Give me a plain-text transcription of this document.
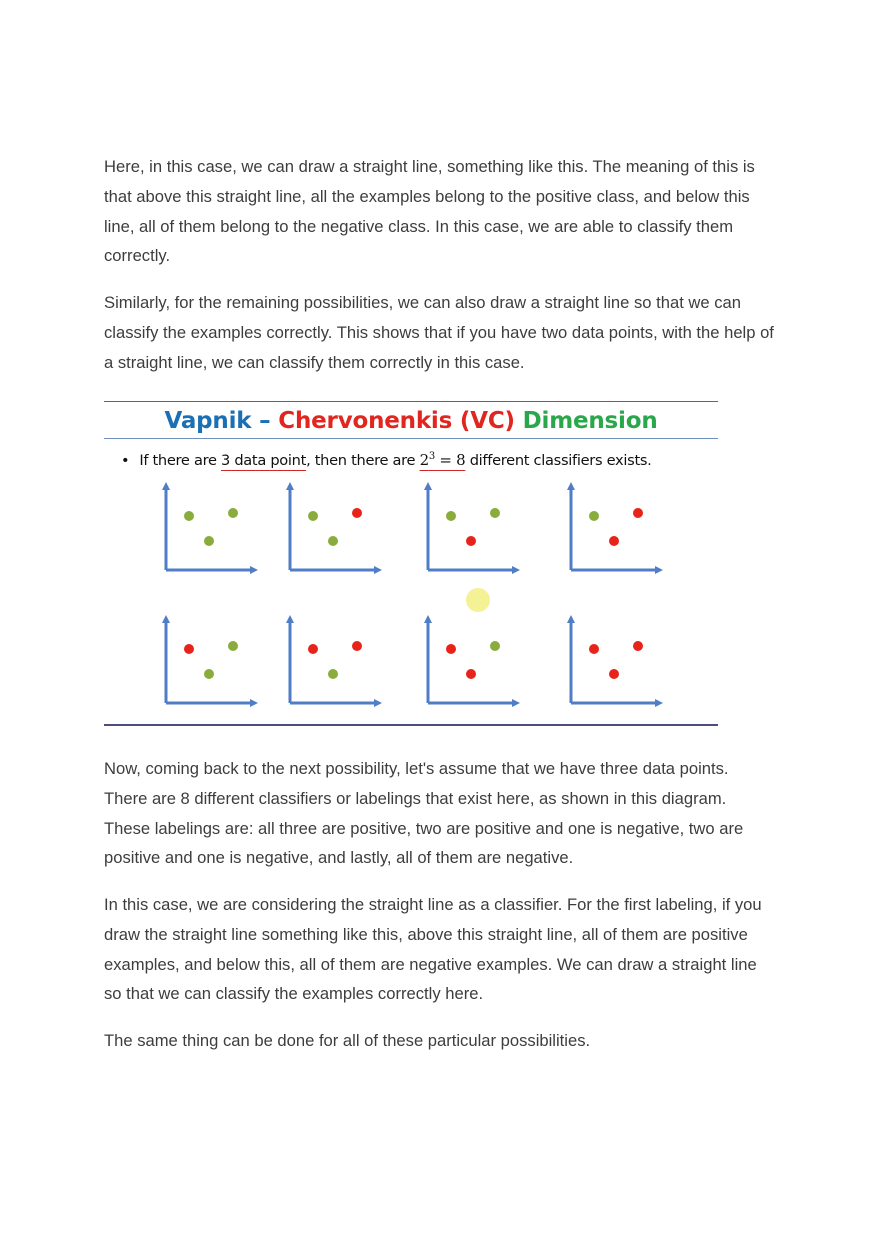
Here, in this case, we can draw a straight line, something like this. The meaning of this is that above this straight line, all the examples belong to the positive class, and below this line, all of them belong to the negative class. In this case, we are able to classify them correctly.

Similarly, for the remaining possibilities, we can also draw a straight line so that we can classify the examples correctly. This shows that if you have two data points, with the help of a straight line, we can classify them correctly in this case.

Vapnik – Chervonenkis (VC) Dimension
• If there are 3 data point, then there are $2^3 = 8$ different classifiers exists.

Now, coming back to the next possibility, let's assume that we have three data points. There are 8 different classifiers or labelings that exist here, as shown in this diagram. These labelings are: all three are positive, two are positive and one is negative, two are positive and one is negative, and lastly, all of them are negative.

In this case, we are considering the straight line as a classifier. For the first labeling, if you draw the straight line something like this, above this straight line, all of them are positive examples, and below this, all of them are negative examples. We can draw a straight line so that we can classify the examples correctly here.

The same thing can be done for all of these particular possibilities.
